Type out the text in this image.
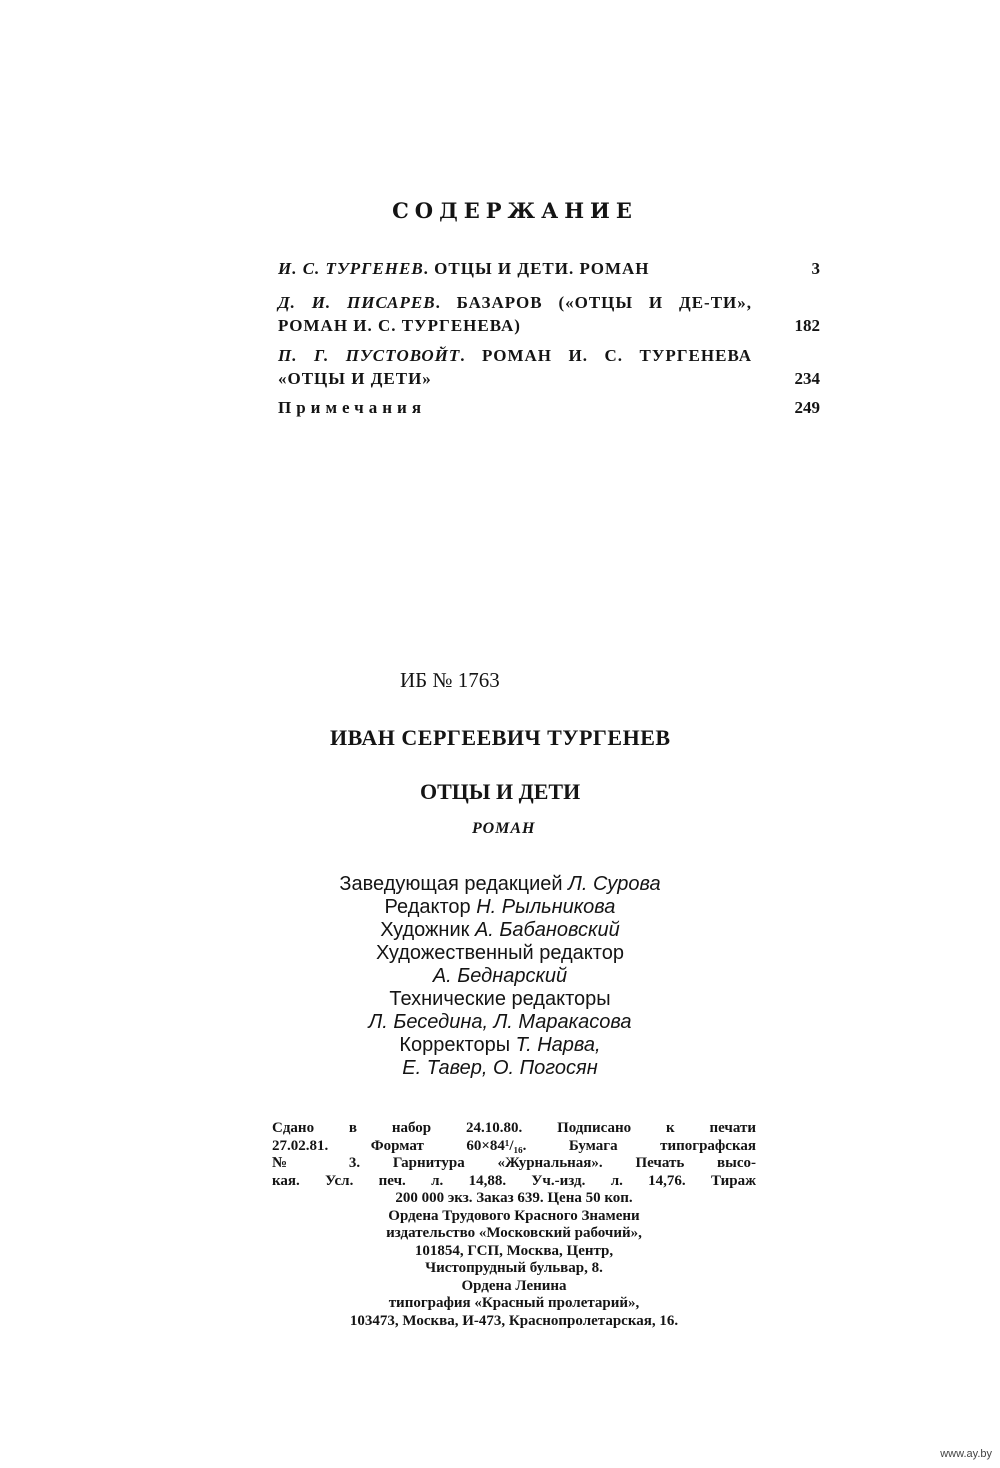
СОДЕРЖАНИЕ
И. С. ТУРГЕНЕВ. ОТЦЫ И ДЕТИ. РОМАН	3
Д. И. ПИСАРЕВ. БАЗАРОВ («ОТЦЫ И ДЕ-ТИ», РОМАН И. С. ТУРГЕНЕВА)	182
П. Г. ПУСТОВОЙТ. РОМАН И. С. ТУРГЕНЕВА «ОТЦЫ И ДЕТИ»	234
Примечания	249
ИБ № 1763
ИВАН СЕРГЕЕВИЧ ТУРГЕНЕВ
ОТЦЫ И ДЕТИ
РОМАН
Заведующая редакцией Л. Сурова
Редактор Н. Рыльникова
Художник А. Бабановский
Художественный редактор
А. Беднарский
Технические редакторы
Л. Беседина, Л. Маракасова
Корректоры Т. Нарва,
Е. Тавер, О. Погосян
Сдано в набор 24.10.80. Подписано к печати
27.02.81. Формат 60×84¹/₁₆. Бумага типографская
№ 3. Гарнитура «Журнальная». Печать высо-
кая. Усл. печ. л. 14,88. Уч.-изд. л. 14,76. Тираж
200 000 экз. Заказ 639. Цена 50 коп.
Ордена Трудового Красного Знамени
издательство «Московский рабочий»,
101854, ГСП, Москва, Центр,
Чистопрудный бульвар, 8.
Ордена Ленина
типография «Красный пролетарий»,
103473, Москва, И-473, Краснопролетарская, 16.
www.ay.by
